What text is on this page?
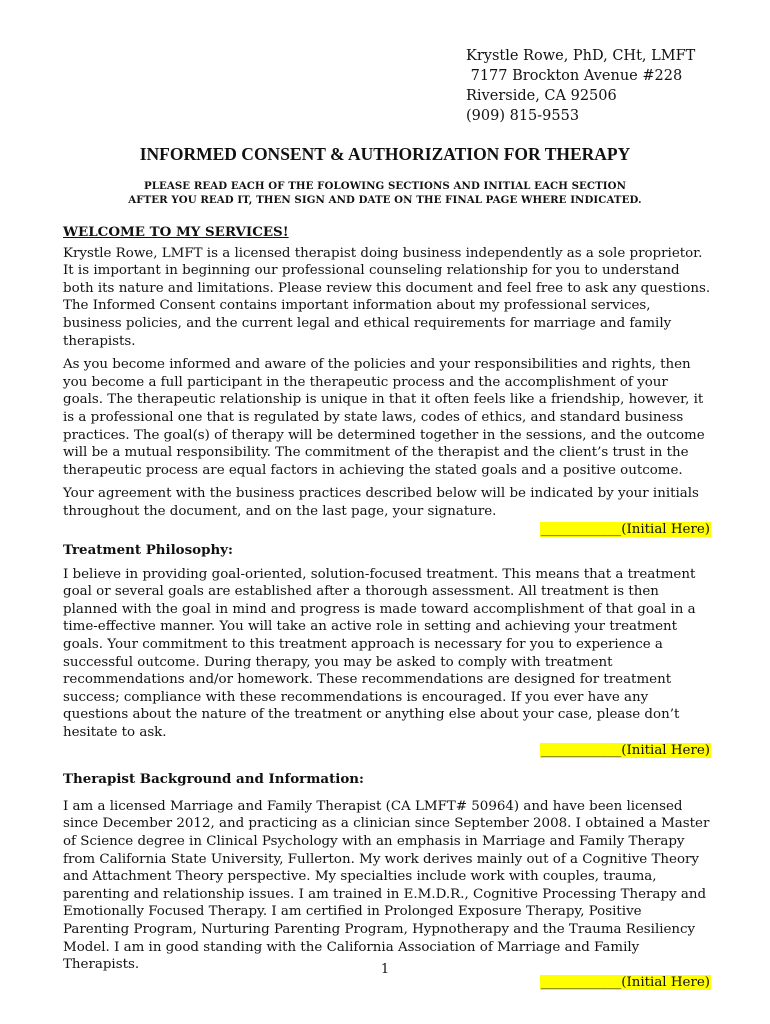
Krystle Rowe, PhD, CHt, LMFT
7177 Brockton Avenue #228
Riverside, CA 92506
(909) 815-9553
INFORMED CONSENT & AUTHORIZATION FOR THERAPY
PLEASE READ EACH OF THE FOLOWING SECTIONS AND INITIAL EACH SECTION
AFTER YOU READ IT, THEN SIGN AND DATE ON THE FINAL PAGE WHERE INDICATED.
WELCOME TO MY SERVICES!

Krystle Rowe, LMFT is a licensed therapist doing business independently as a sole proprietor. It is important in beginning our professional counseling relationship for you to understand both its nature and limitations. Please review this document and feel free to ask any questions. The Informed Consent contains important information about my professional services, business policies, and the current legal and ethical requirements for marriage and family therapists.

As you become informed and aware of the policies and your responsibilities and rights, then you become a full participant in the therapeutic process and the accomplishment of your goals. The therapeutic relationship is unique in that it often feels like a friendship, however, it is a professional one that is regulated by state laws, codes of ethics, and standard business practices. The goal(s) of therapy will be determined together in the sessions, and the outcome will be a mutual responsibility. The commitment of the therapist and the client’s trust in the therapeutic process are equal factors in achieving the stated goals and a positive outcome.

Your agreement with the business practices described below will be indicated by your initials throughout the document, and on the last page, your signature.

____________(Initial Here)
Treatment Philosophy:

I believe in providing goal-oriented, solution-focused treatment. This means that a treatment goal or several goals are established after a thorough assessment. All treatment is then planned with the goal in mind and progress is made toward accomplishment of that goal in a time-effective manner. You will take an active role in setting and achieving your treatment goals. Your commitment to this treatment approach is necessary for you to experience a successful outcome. During therapy, you may be asked to comply with treatment recommendations and/or homework. These recommendations are designed for treatment success; compliance with these recommendations is encouraged. If you ever have any questions about the nature of the treatment or anything else about your case, please don’t hesitate to ask.

____________(Initial Here)
Therapist Background and Information:

I am a licensed Marriage and Family Therapist (CA LMFT# 50964) and have been licensed since December 2012, and practicing as a clinician since September 2008. I obtained a Master of Science degree in Clinical Psychology with an emphasis in Marriage and Family Therapy from California State University, Fullerton. My work derives mainly out of a Cognitive Theory and Attachment Theory perspective. My specialties include work with couples, trauma, parenting and relationship issues. I am trained in E.M.D.R., Cognitive Processing Therapy and Emotionally Focused Therapy. I am certified in Prolonged Exposure Therapy, Positive Parenting Program, Nurturing Parenting Program, Hypnotherapy and the Trauma Resiliency Model. I am in good standing with the California Association of Marriage and Family Therapists.

____________(Initial Here)
1
